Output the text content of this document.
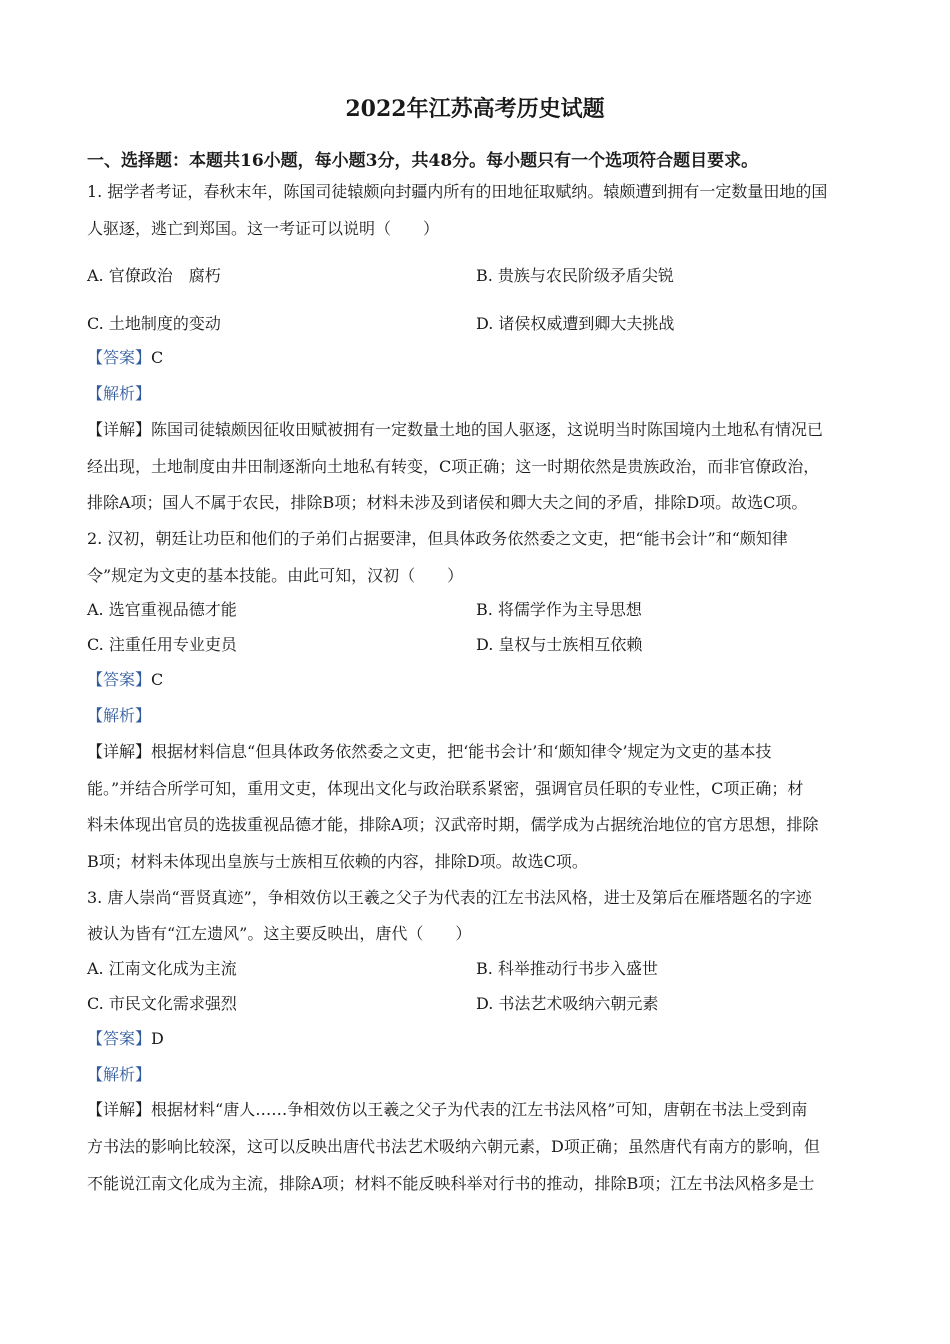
2022年江苏高考历史试题
一、选择题：本题共16小题，每小题3分，共48分。每小题只有一个选项符合题目要求。
1. 据学者考证，春秋末年，陈国司徒辕颇向封疆内所有的田地征取赋纳。辕颇遭到拥有一定数量田地的国
人驱逐，逃亡到郑国。这一考证可以说明（　　）
A. 官僚政治　腐朽	B. 贵族与农民阶级矛盾尖锐
C. 土地制度的变动	D. 诸侯权威遭到卿大夫挑战
【答案】C
【解析】
【详解】陈国司徒辕颇因征收田赋被拥有一定数量土地的国人驱逐，这说明当时陈国境内土地私有情况已
经出现，土地制度由井田制逐渐向土地私有转变，C项正确；这一时期依然是贵族政治，而非官僚政治，
排除A项；国人不属于农民，排除B项；材料未涉及到诸侯和卿大夫之间的矛盾，排除D项。故选C项。
2. 汉初，朝廷让功臣和他们的子弟们占据要津，但具体政务依然委之文吏，把“能书会计”和“颇知律
令”规定为文吏的基本技能。由此可知，汉初（　　）
A. 选官重视品德才能	B. 将儒学作为主导思想
C. 注重任用专业吏员	D. 皇权与士族相互依赖
【答案】C
【解析】
【详解】根据材料信息“但具体政务依然委之文吏，把‘能书会计’和‘颇知律令’规定为文吏的基本技
能。”并结合所学可知，重用文吏，体现出文化与政治联系紧密，强调官员任职的专业性，C项正确；材
料未体现出官员的选拔重视品德才能，排除A项；汉武帝时期，儒学成为占据统治地位的官方思想，排除
B项；材料未体现出皇族与士族相互依赖的内容，排除D项。故选C项。
3. 唐人崇尚“晋贤真迹”，争相效仿以王羲之父子为代表的江左书法风格，进士及第后在雁塔题名的字迹
被认为皆有“江左遗风”。这主要反映出，唐代（　　）
A. 江南文化成为主流	B. 科举推动行书步入盛世
C. 市民文化需求强烈	D. 书法艺术吸纳六朝元素
【答案】D
【解析】
【详解】根据材料“唐人……争相效仿以王羲之父子为代表的江左书法风格”可知，唐朝在书法上受到南
方书法的影响比较深，这可以反映出唐代书法艺术吸纳六朝元素，D项正确；虽然唐代有南方的影响，但
不能说江南文化成为主流，排除A项；材料不能反映科举对行书的推动，排除B项；江左书法风格多是士
